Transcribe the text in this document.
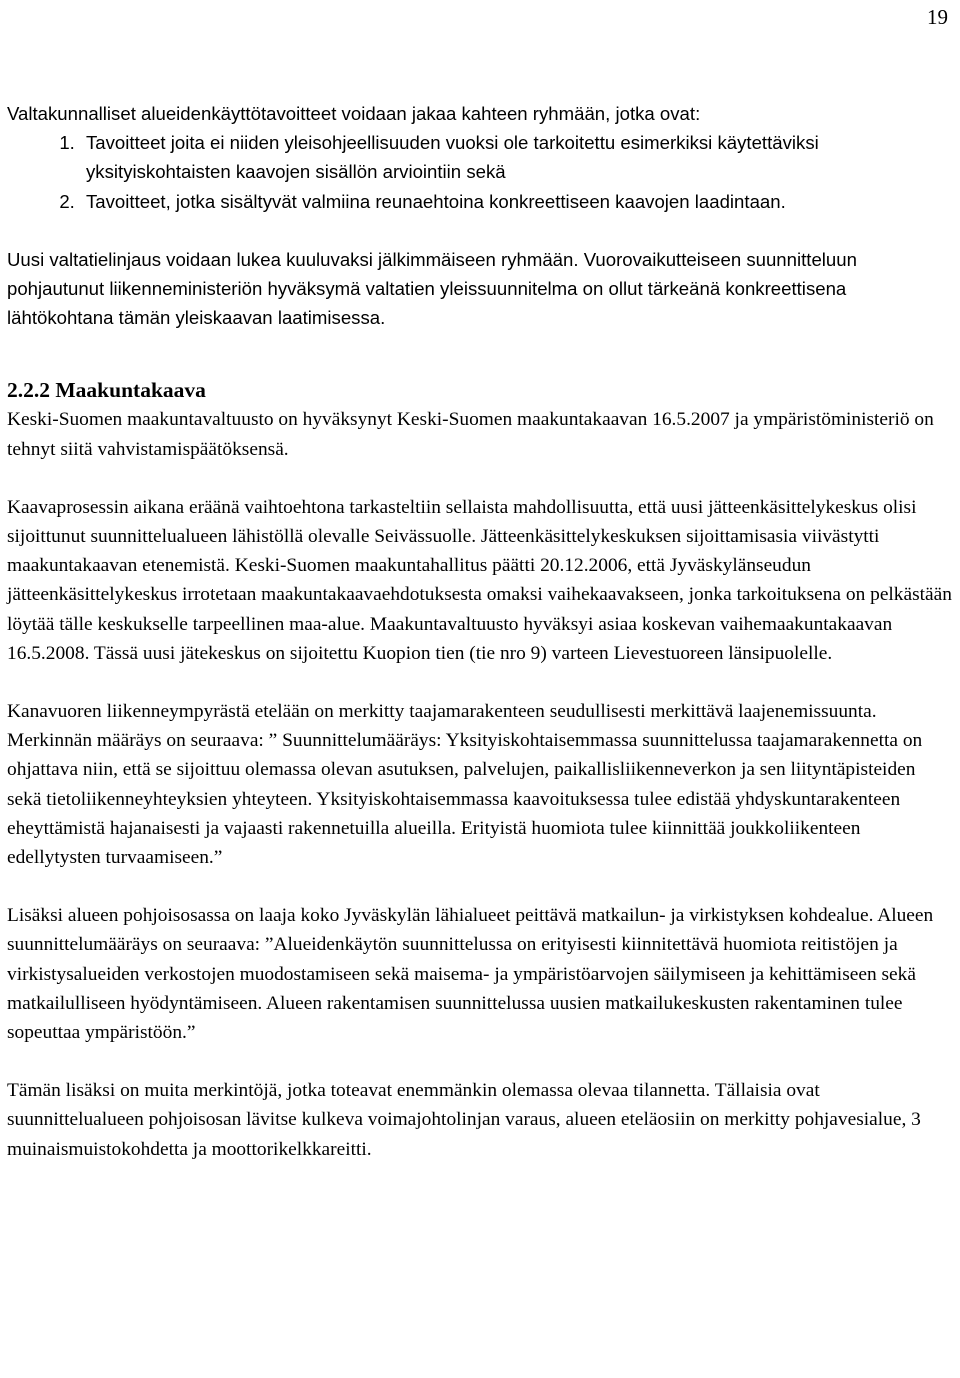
19

Valtakunnalliset alueidenkäyttötavoitteet voidaan jakaa kahteen ryhmään, jotka ovat:

1. Tavoitteet joita ei niiden yleisohjeellisuuden vuoksi ole tarkoitettu esimerkiksi käytettäviksi yksityiskohtaisten kaavojen sisällön arviointiin sekä
2. Tavoitteet, jotka sisältyvät valmiina reunaehtoina konkreettiseen kaavojen laadintaan.

Uusi valtatielinjaus voidaan lukea kuuluvaksi jälkimmäiseen ryhmään. Vuorovaikutteiseen suunnitteluun pohjautunut liikenneministeriön hyväksymä valtatien yleissuunnitelma on ollut tärkeänä konkreettisena lähtökohtana tämän yleiskaavan laatimisessa.

2.2.2 Maakuntakaava

Keski-Suomen maakuntavaltuusto on hyväksynyt Keski-Suomen maakuntakaavan 16.5.2007 ja ympäristöministeriö on tehnyt siitä vahvistamispäätöksensä.

Kaavaprosessin aikana eräänä vaihtoehtona tarkasteltiin sellaista mahdollisuutta, että uusi jätteenkäsittelykeskus olisi sijoittunut suunnittelualueen lähistöllä olevalle Seivässuolle. Jätteenkäsittelykeskuksen sijoittamisasia viivästytti maakuntakaavan etenemistä. Keski-Suomen maakuntahallitus päätti 20.12.2006, että Jyväskylänseudun jätteenkäsittelykeskus irrotetaan maakuntakaavaehdotuksesta omaksi vaihekaavakseen, jonka tarkoituksena on pelkästään löytää tälle keskukselle tarpeellinen maa-alue. Maakuntavaltuusto hyväksyi asiaa koskevan vaihemaakuntakaavan 16.5.2008. Tässä uusi jätekeskus on sijoitettu Kuopion tien (tie nro 9) varteen Lievestuoreen länsipuolelle.

Kanavuoren liikenneympyrästä etelään on merkitty taajamarakenteen seudullisesti merkittävä laajenemissuunta. Merkinnän määräys on seuraava: ” Suunnittelumääräys: Yksityiskohtaisemmassa suunnittelussa taajamarakennetta on ohjattava niin, että se sijoittuu olemassa olevan asutuksen, palvelujen, paikallisliikenneverkon ja sen liityntäpisteiden sekä tietoliikenneyhteyksien yhteyteen. Yksityiskohtaisemmassa kaavoituksessa tulee edistää yhdyskuntarakenteen eheyttämistä hajanaisesti ja vajaasti rakennetuilla alueilla. Erityistä huomiota tulee kiinnittää joukkoliikenteen edellytysten turvaamiseen.”

Lisäksi alueen pohjoisosassa on laaja koko Jyväskylän lähialueet peittävä matkailun- ja virkistyksen kohdealue. Alueen suunnittelumääräys on seuraava: ”Alueidenkäytön suunnittelussa on erityisesti kiinnitettävä huomiota reitistöjen ja virkistysalueiden verkostojen muodostamiseen sekä maisema- ja ympäristöarvojen säilymiseen ja kehittämiseen sekä matkailulliseen hyödyntämiseen. Alueen rakentamisen suunnittelussa uusien matkailukeskusten rakentaminen tulee sopeuttaa ympäristöön.”

Tämän lisäksi on muita merkintöjä, jotka toteavat enemmänkin olemassa olevaa tilannetta. Tällaisia ovat suunnittelualueen pohjoisosan lävitse kulkeva voimajohtolinjan varaus, alueen eteläosiin on merkitty pohjavesialue, 3 muinaismuistokohdetta ja moottorikelkkareitti.
